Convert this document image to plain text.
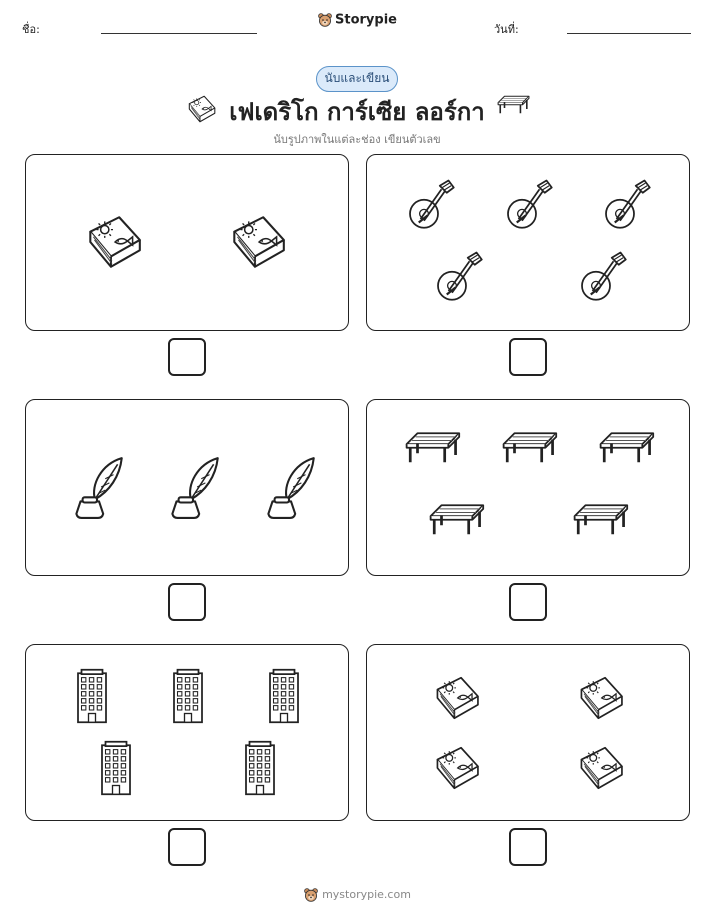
ชื่อ:
Storypie
วันที่:
นับและเขียน
เฟเดริโก การ์เซีย ลอร์กา
นับรูปภาพในแต่ละช่อง เขียนตัวเลข
mystorypie.com
